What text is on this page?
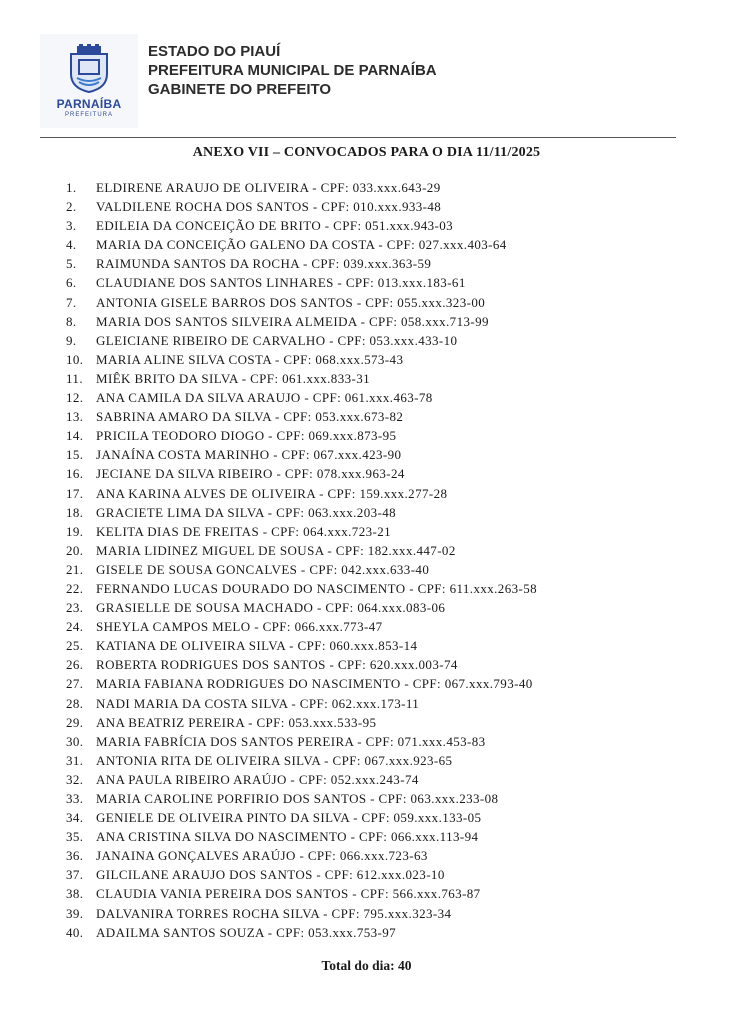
PARNAÍBA
PREFEITURA
ESTADO DO PIAUÍ
PREFEITURA MUNICIPAL DE PARNAÍBA
GABINETE DO PREFEITO
ANEXO VII – CONVOCADOS PARA O DIA 11/11/2025
1. ELDIRENE ARAUJO DE OLIVEIRA - CPF: 033.xxx.643-29
2. VALDILENE ROCHA DOS SANTOS - CPF: 010.xxx.933-48
3. EDILEIA DA CONCEIÇÃO DE BRITO - CPF: 051.xxx.943-03
4. MARIA DA CONCEIÇÃO GALENO DA COSTA - CPF: 027.xxx.403-64
5. RAIMUNDA SANTOS DA ROCHA - CPF: 039.xxx.363-59
6. CLAUDIANE DOS SANTOS LINHARES - CPF: 013.xxx.183-61
7. ANTONIA GISELE BARROS DOS SANTOS - CPF: 055.xxx.323-00
8. MARIA DOS SANTOS SILVEIRA ALMEIDA - CPF: 058.xxx.713-99
9. GLEICIANE RIBEIRO DE CARVALHO - CPF: 053.xxx.433-10
10. MARIA ALINE SILVA COSTA - CPF: 068.xxx.573-43
11. MIÊK BRITO DA SILVA - CPF: 061.xxx.833-31
12. ANA CAMILA DA SILVA ARAUJO - CPF: 061.xxx.463-78
13. SABRINA AMARO DA SILVA - CPF: 053.xxx.673-82
14. PRICILA TEODORO DIOGO - CPF: 069.xxx.873-95
15. JANAÍNA COSTA MARINHO - CPF: 067.xxx.423-90
16. JECIANE DA SILVA RIBEIRO - CPF: 078.xxx.963-24
17. ANA KARINA ALVES DE OLIVEIRA - CPF: 159.xxx.277-28
18. GRACIETE LIMA DA SILVA - CPF: 063.xxx.203-48
19. KELITA DIAS DE FREITAS - CPF: 064.xxx.723-21
20. MARIA LIDINEZ MIGUEL DE SOUSA - CPF: 182.xxx.447-02
21. GISELE DE SOUSA GONCALVES - CPF: 042.xxx.633-40
22. FERNANDO LUCAS DOURADO DO NASCIMENTO - CPF: 611.xxx.263-58
23. GRASIELLE DE SOUSA MACHADO - CPF: 064.xxx.083-06
24. SHEYLA CAMPOS MELO - CPF: 066.xxx.773-47
25. KATIANA DE OLIVEIRA SILVA - CPF: 060.xxx.853-14
26. ROBERTA RODRIGUES DOS SANTOS - CPF: 620.xxx.003-74
27. MARIA FABIANA RODRIGUES DO NASCIMENTO - CPF: 067.xxx.793-40
28. NADI MARIA DA COSTA SILVA - CPF: 062.xxx.173-11
29. ANA BEATRIZ PEREIRA - CPF: 053.xxx.533-95
30. MARIA FABRÍCIA DOS SANTOS PEREIRA - CPF: 071.xxx.453-83
31. ANTONIA RITA DE OLIVEIRA SILVA - CPF: 067.xxx.923-65
32. ANA PAULA RIBEIRO ARAÚJO - CPF: 052.xxx.243-74
33. MARIA CAROLINE PORFIRIO DOS SANTOS - CPF: 063.xxx.233-08
34. GENIELE DE OLIVEIRA PINTO DA SILVA - CPF: 059.xxx.133-05
35. ANA CRISTINA SILVA DO NASCIMENTO - CPF: 066.xxx.113-94
36. JANAINA GONÇALVES ARAÚJO - CPF: 066.xxx.723-63
37. GILCILANE ARAUJO DOS SANTOS - CPF: 612.xxx.023-10
38. CLAUDIA VANIA PEREIRA DOS SANTOS - CPF: 566.xxx.763-87
39. DALVANIRA TORRES ROCHA SILVA - CPF: 795.xxx.323-34
40. ADAILMA SANTOS SOUZA - CPF: 053.xxx.753-97
Total do dia: 40
